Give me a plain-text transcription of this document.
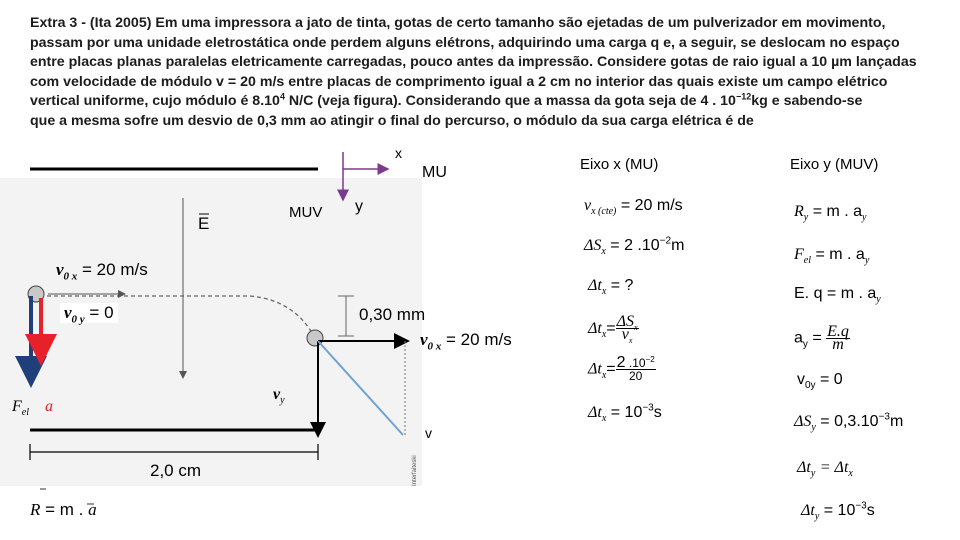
Extra 3 - (Ita 2005) Em uma impressora a jato de tinta, gotas de certo tamanho são ejetadas de um pulverizador em movimento,

passam por uma unidade eletrostática onde perdem alguns elétrons, adquirindo uma carga q e, a seguir, se deslocam no espaço

entre placas planas paralelas eletricamente carregadas, pouco antes da impressão. Considere gotas de raio igual a 10 µm lançadas

com velocidade de módulo v = 20 m/s entre placas de comprimento igual a 2 cm no interior das quais existe um campo elétrico

vertical uniforme, cujo módulo é 8.10$^4$ N/C (veja figura). Considerando que a massa da gota seja de 4 . $10^{-12}kg$ e sabendo-se

que a mesma sofre um desvio de 0,3 mm ao atingir o final do percurso, o módulo da sua carga elétrica é de

x
MU
MUV y
E
$v_{0 x} = 20$ m/s
$v_{0 y} = 0$	0,30 mm
$v_{0 x} = 20$ m/s
$v_y$
v
$F_{el}$ a
2,0 cm	Interfaiteski
R = m . a
Eixo x (MU)
$v_{x (cte)} = 20$ m/s
$\Delta S_x = 2$ $.10^{-2}m$
$\Delta t_x$ = ?
$\Delta t_x= \frac{\Delta S_x}{v_x}$
$\Delta t_x= \frac{2 .10^{-2}}{20}$
$\Delta t_x = 10^{-3}s$
Eixo y (MUV)
$R_y = m$ . $a_y$
$F_{el} = m$ . $a_y$
E. q = m . $a_y$
$a_y = \frac{E.q}{m}$
$v_{0y} = 0$
$\Delta S_y = 0,3.10^{-3}m$
$\Delta t_y = \Delta t_x$
$\Delta t_y = 10^{-3}s$
